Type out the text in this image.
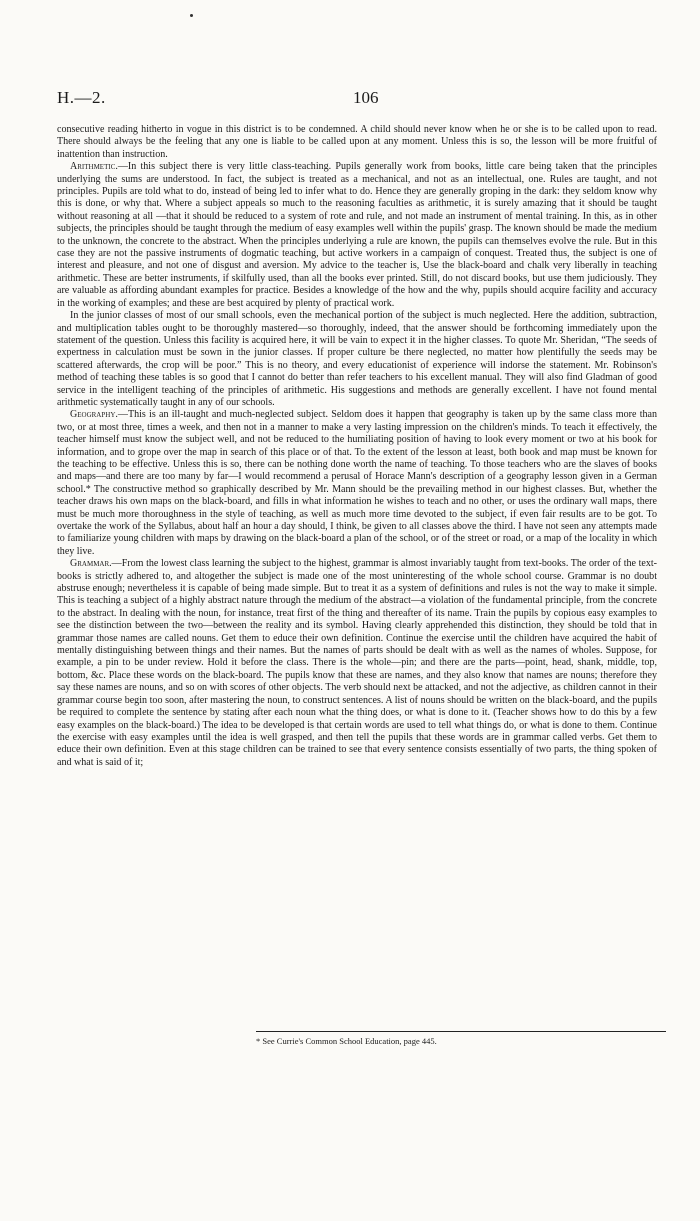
H.—2.	106

consecutive reading hitherto in vogue in this district is to be condemned. A child should never know when he or she is to be called upon to read. There should always be the feeling that any one is liable to be called upon at any moment. Unless this is so, the lesson will be more fruitful of inattention than instruction.

Arithmetic.—In this subject there is very little class-teaching. Pupils generally work from books, little care being taken that the principles underlying the sums are understood. In fact, the subject is treated as a mechanical, and not as an intellectual, one. Rules are taught, and not principles. Pupils are told what to do, instead of being led to infer what to do. Hence they are generally groping in the dark: they seldom know why this is done, or why that. Where a subject appeals so much to the reasoning faculties as arithmetic, it is surely amazing that it should be taught without reasoning at all —that it should be reduced to a system of rote and rule, and not made an instrument of mental training. In this, as in other subjects, the principles should be taught through the medium of easy examples well within the pupils' grasp. The known should be made the medium to the unknown, the concrete to the abstract. When the principles underlying a rule are known, the pupils can themselves evolve the rule. But in this case they are not the passive instruments of dogmatic teaching, but active workers in a campaign of conquest. Treated thus, the subject is one of interest and pleasure, and not one of disgust and aversion. My advice to the teacher is, Use the black-board and chalk very liberally in teaching arithmetic. These are better instruments, if skilfully used, than all the books ever printed. Still, do not discard books, but use them judiciously. They are valuable as affording abundant examples for practice. Besides a knowledge of the how and the why, pupils should acquire facility and accuracy in the working of examples; and these are best acquired by plenty of practical work.

In the junior classes of most of our small schools, even the mechanical portion of the subject is much neglected. Here the addition, subtraction, and multiplication tables ought to be thoroughly mastered—so thoroughly, indeed, that the answer should be forthcoming immediately upon the statement of the question. Unless this facility is acquired here, it will be vain to expect it in the higher classes. To quote Mr. Sheridan, “The seeds of expertness in calculation must be sown in the junior classes. If proper culture be there neglected, no matter how plentifully the seeds may be scattered afterwards, the crop will be poor.” This is no theory, and every educationist of experience will indorse the statement. Mr. Robinson's method of teaching these tables is so good that I cannot do better than refer teachers to his excellent manual. They will also find Gladman of good service in the intelligent teaching of the principles of arithmetic. His suggestions and methods are generally excellent. I have not found mental arithmetic systematically taught in any of our schools.

Geography.—This is an ill-taught and much-neglected subject. Seldom does it happen that geography is taken up by the same class more than two, or at most three, times a week, and then not in a manner to make a very lasting impression on the children's minds. To teach it effectively, the teacher himself must know the subject well, and not be reduced to the humiliating position of having to look every moment or two at his book for information, and to grope over the map in search of this place or of that. To the extent of the lesson at least, both book and map must be known for the teaching to be effective. Unless this is so, there can be nothing done worth the name of teaching. To those teachers who are the slaves of books and maps—and there are too many by far—I would recommend a perusal of Horace Mann's description of a geography lesson given in a German school.* The constructive method so graphically described by Mr. Mann should be the prevailing method in our highest classes. But, whether the teacher draws his own maps on the black-board, and fills in what information he wishes to teach and no other, or uses the ordinary wall maps, there must be much more thoroughness in the style of teaching, as well as much more time devoted to the subject, if even fair results are to be got. To overtake the work of the Syllabus, about half an hour a day should, I think, be given to all classes above the third. I have not seen any attempts made to familiarize young children with maps by drawing on the black-board a plan of the school, or of the street or road, or a map of the locality in which they live.

Grammar.—From the lowest class learning the subject to the highest, grammar is almost invariably taught from text-books. The order of the text-books is strictly adhered to, and altogether the subject is made one of the most uninteresting of the whole school course. Grammar is no doubt abstruse enough; nevertheless it is capable of being made simple. But to treat it as a system of definitions and rules is not the way to make it simple. This is teaching a subject of a highly abstract nature through the medium of the abstract—a violation of the fundamental principle, from the concrete to the abstract. In dealing with the noun, for instance, treat first of the thing and thereafter of its name. Train the pupils by copious easy examples to see the distinction between the two—between the reality and its symbol. Having clearly apprehended this distinction, they should be told that in grammar those names are called nouns. Get them to educe their own definition. Continue the exercise until the children have acquired the habit of mentally distinguishing between things and their names. But the names of parts should be dealt with as well as the names of wholes. Suppose, for example, a pin to be under review. Hold it before the class. There is the whole—pin; and there are the parts—point, head, shank, middle, top, bottom, &c. Place these words on the black-board. The pupils know that these are names, and they also know that names are nouns; therefore they say these names are nouns, and so on with scores of other objects. The verb should next be attacked, and not the adjective, as children cannot in their grammar course begin too soon, after mastering the noun, to construct sentences. A list of nouns should be written on the black-board, and the pupils be required to complete the sentence by stating after each noun what the thing does, or what is done to it. (Teacher shows how to do this by a few easy examples on the black-board.) The idea to be developed is that certain words are used to tell what things do, or what is done to them. Continue the exercise with easy examples until the idea is well grasped, and then tell the pupils that these words are in grammar called verbs. Get them to educe their own definition. Even at this stage children can be trained to see that every sentence consists essentially of two parts, the thing spoken of and what is said of it;

* See Currie's Common School Education, page 445.
